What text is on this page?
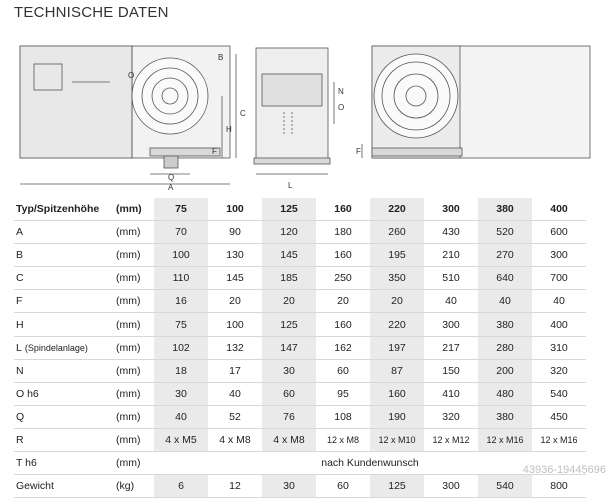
TECHNISCHE DATEN
B
C
H
F
A
Q
O
L
N
O
F
Typ/Spitzenhöhe	(mm)	75	100	125	160	220	300	380	400
A	(mm)	70	90	120	180	260	430	520	600
B	(mm)	100	130	145	160	195	210	270	300
C	(mm)	110	145	185	250	350	510	640	700
F	(mm)	16	20	20	20	20	40	40	40
H	(mm)	75	100	125	160	220	300	380	400
L (Spindelanlage)	(mm)	102	132	147	162	197	217	280	310
N	(mm)	18	17	30	60	87	150	200	320
O h6	(mm)	30	40	60	95	160	410	480	540
Q	(mm)	40	52	76	108	190	320	380	450
R	(mm)	4 x M5	4 x M8	4 x M8	12 x M8	12 x M10	12 x M12	12 x M16	12 x M16
T h6	(mm)	nach Kundenwunsch							
Gewicht	(kg)	6	12	30	60	125	300	540	800
43936-19445696
